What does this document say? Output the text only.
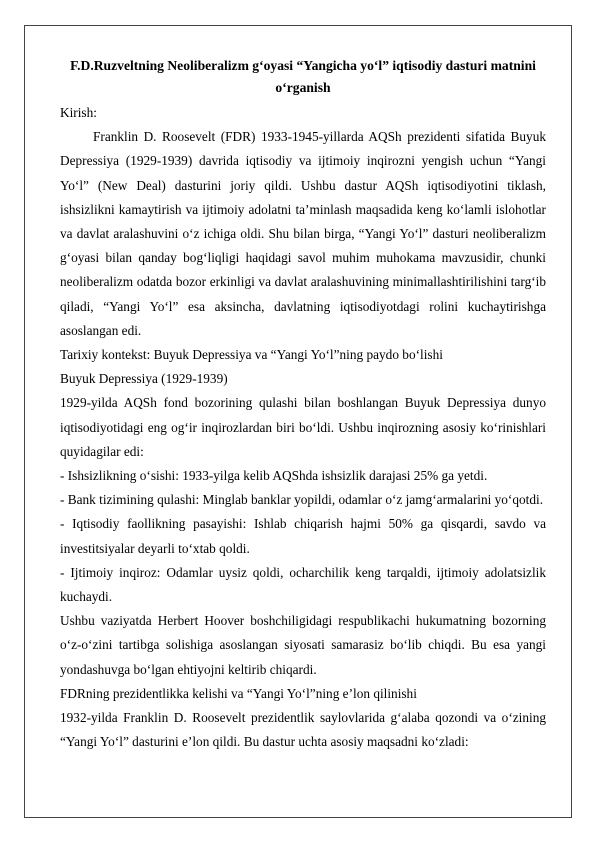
F.D.Ruzveltning Neoliberalizm g‘oyasi “Yangicha yo‘l” iqtisodiy dasturi matnini o‘rganish

Kirish:

Franklin D. Roosevelt (FDR) 1933-1945-yillarda AQSh prezidenti sifatida Buyuk Depressiya (1929-1939) davrida iqtisodiy va ijtimoiy inqirozni yengish uchun “Yangi Yo‘l” (New Deal) dasturini joriy qildi. Ushbu dastur AQSh iqtisodiyotini tiklash, ishsizlikni kamaytirish va ijtimoiy adolatni ta’minlash maqsadida keng ko‘lamli islohotlar va davlat aralashuvini o‘z ichiga oldi. Shu bilan birga, “Yangi Yo‘l” dasturi neoliberalizm g‘oyasi bilan qanday bog‘liqligi haqidagi savol muhim muhokama mavzusidir, chunki neoliberalizm odatda bozor erkinligi va davlat aralashuvining minimallashtirilishini targ‘ib qiladi, “Yangi Yo‘l” esa aksincha, davlatning iqtisodiyotdagi rolini kuchaytirishga asoslangan edi.

Tarixiy kontekst: Buyuk Depressiya va “Yangi Yo‘l”ning paydo bo‘lishi

Buyuk Depressiya (1929-1939)

1929-yilda AQSh fond bozorining qulashi bilan boshlangan Buyuk Depressiya dunyo iqtisodiyotidagi eng og‘ir inqirozlardan biri bo‘ldi. Ushbu inqirozning asosiy ko‘rinishlari quyidagilar edi:

- Ishsizlikning o‘sishi: 1933-yilga kelib AQShda ishsizlik darajasi 25% ga yetdi.

- Bank tizimining qulashi: Minglab banklar yopildi, odamlar o‘z jamg‘armalarini yo‘qotdi.

- Iqtisodiy faollikning pasayishi: Ishlab chiqarish hajmi 50% ga qisqardi, savdo va investitsiyalar deyarli to‘xtab qoldi.

- Ijtimoiy inqiroz: Odamlar uysiz qoldi, ocharchilik keng tarqaldi, ijtimoiy adolatsizlik kuchaydi.

Ushbu vaziyatda Herbert Hoover boshchiligidagi respublikachi hukumatning bozorning o‘z-o‘zini tartibga solishiga asoslangan siyosati samarasiz bo‘lib chiqdi. Bu esa yangi yondashuvga bo‘lgan ehtiyojni keltirib chiqardi.

FDRning prezidentlikka kelishi va “Yangi Yo‘l”ning e’lon qilinishi

1932-yilda Franklin D. Roosevelt prezidentlik saylovlarida g‘alaba qozondi va o‘zining “Yangi Yo‘l” dasturini e’lon qildi. Bu dastur uchta asosiy maqsadni ko‘zladi:
